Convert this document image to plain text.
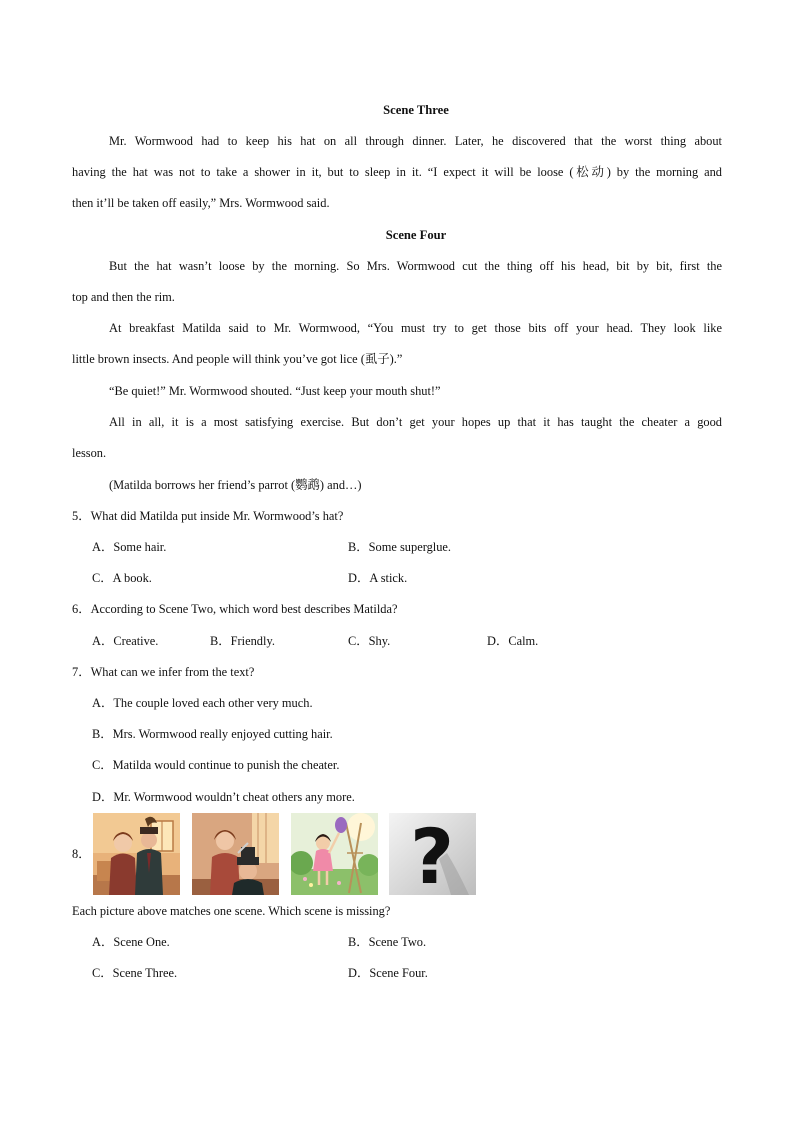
Scene Three
Mr. Wormwood had to keep his hat on all through dinner. Later, he discovered that the worst thing about
having the hat was not to take a shower in it, but to sleep in it. “I expect it will be loose (松动) by the morning and
then it’ll be taken off easily,” Mrs. Wormwood said.
Scene Four
But the hat wasn’t loose by the morning. So Mrs. Wormwood cut the thing off his head, bit by bit, first the
top and then the rim.
At breakfast Matilda said to Mr. Wormwood, “You must try to get those bits off your head. They look like
little brown insects. And people will think you’ve got lice (虱子).”
“Be quiet!” Mr. Wormwood shouted. “Just keep your mouth shut!”
All in all, it is a most satisfying exercise. But don’t get your hopes up that it has taught the cheater a good
lesson.
(Matilda borrows her friend’s parrot (鹦鹉) and…)
5．What did Matilda put inside Mr. Wormwood’s hat?
A．Some hair.	B．Some superglue.
C．A book.	D．A stick.
6．According to Scene Two, which word best describes Matilda?
A．Creative.	B．Friendly.	C．Shy.	D．Calm.
7．What can we infer from the text?
A．The couple loved each other very much.
B．Mrs. Wormwood really enjoyed cutting hair.
C．Matilda would continue to punish the cheater.
D．Mr. Wormwood wouldn’t cheat others any more.
8．	?
Each picture above matches one scene. Which scene is missing?
A．Scene One.	B．Scene Two.
C．Scene Three.	D．Scene Four.
